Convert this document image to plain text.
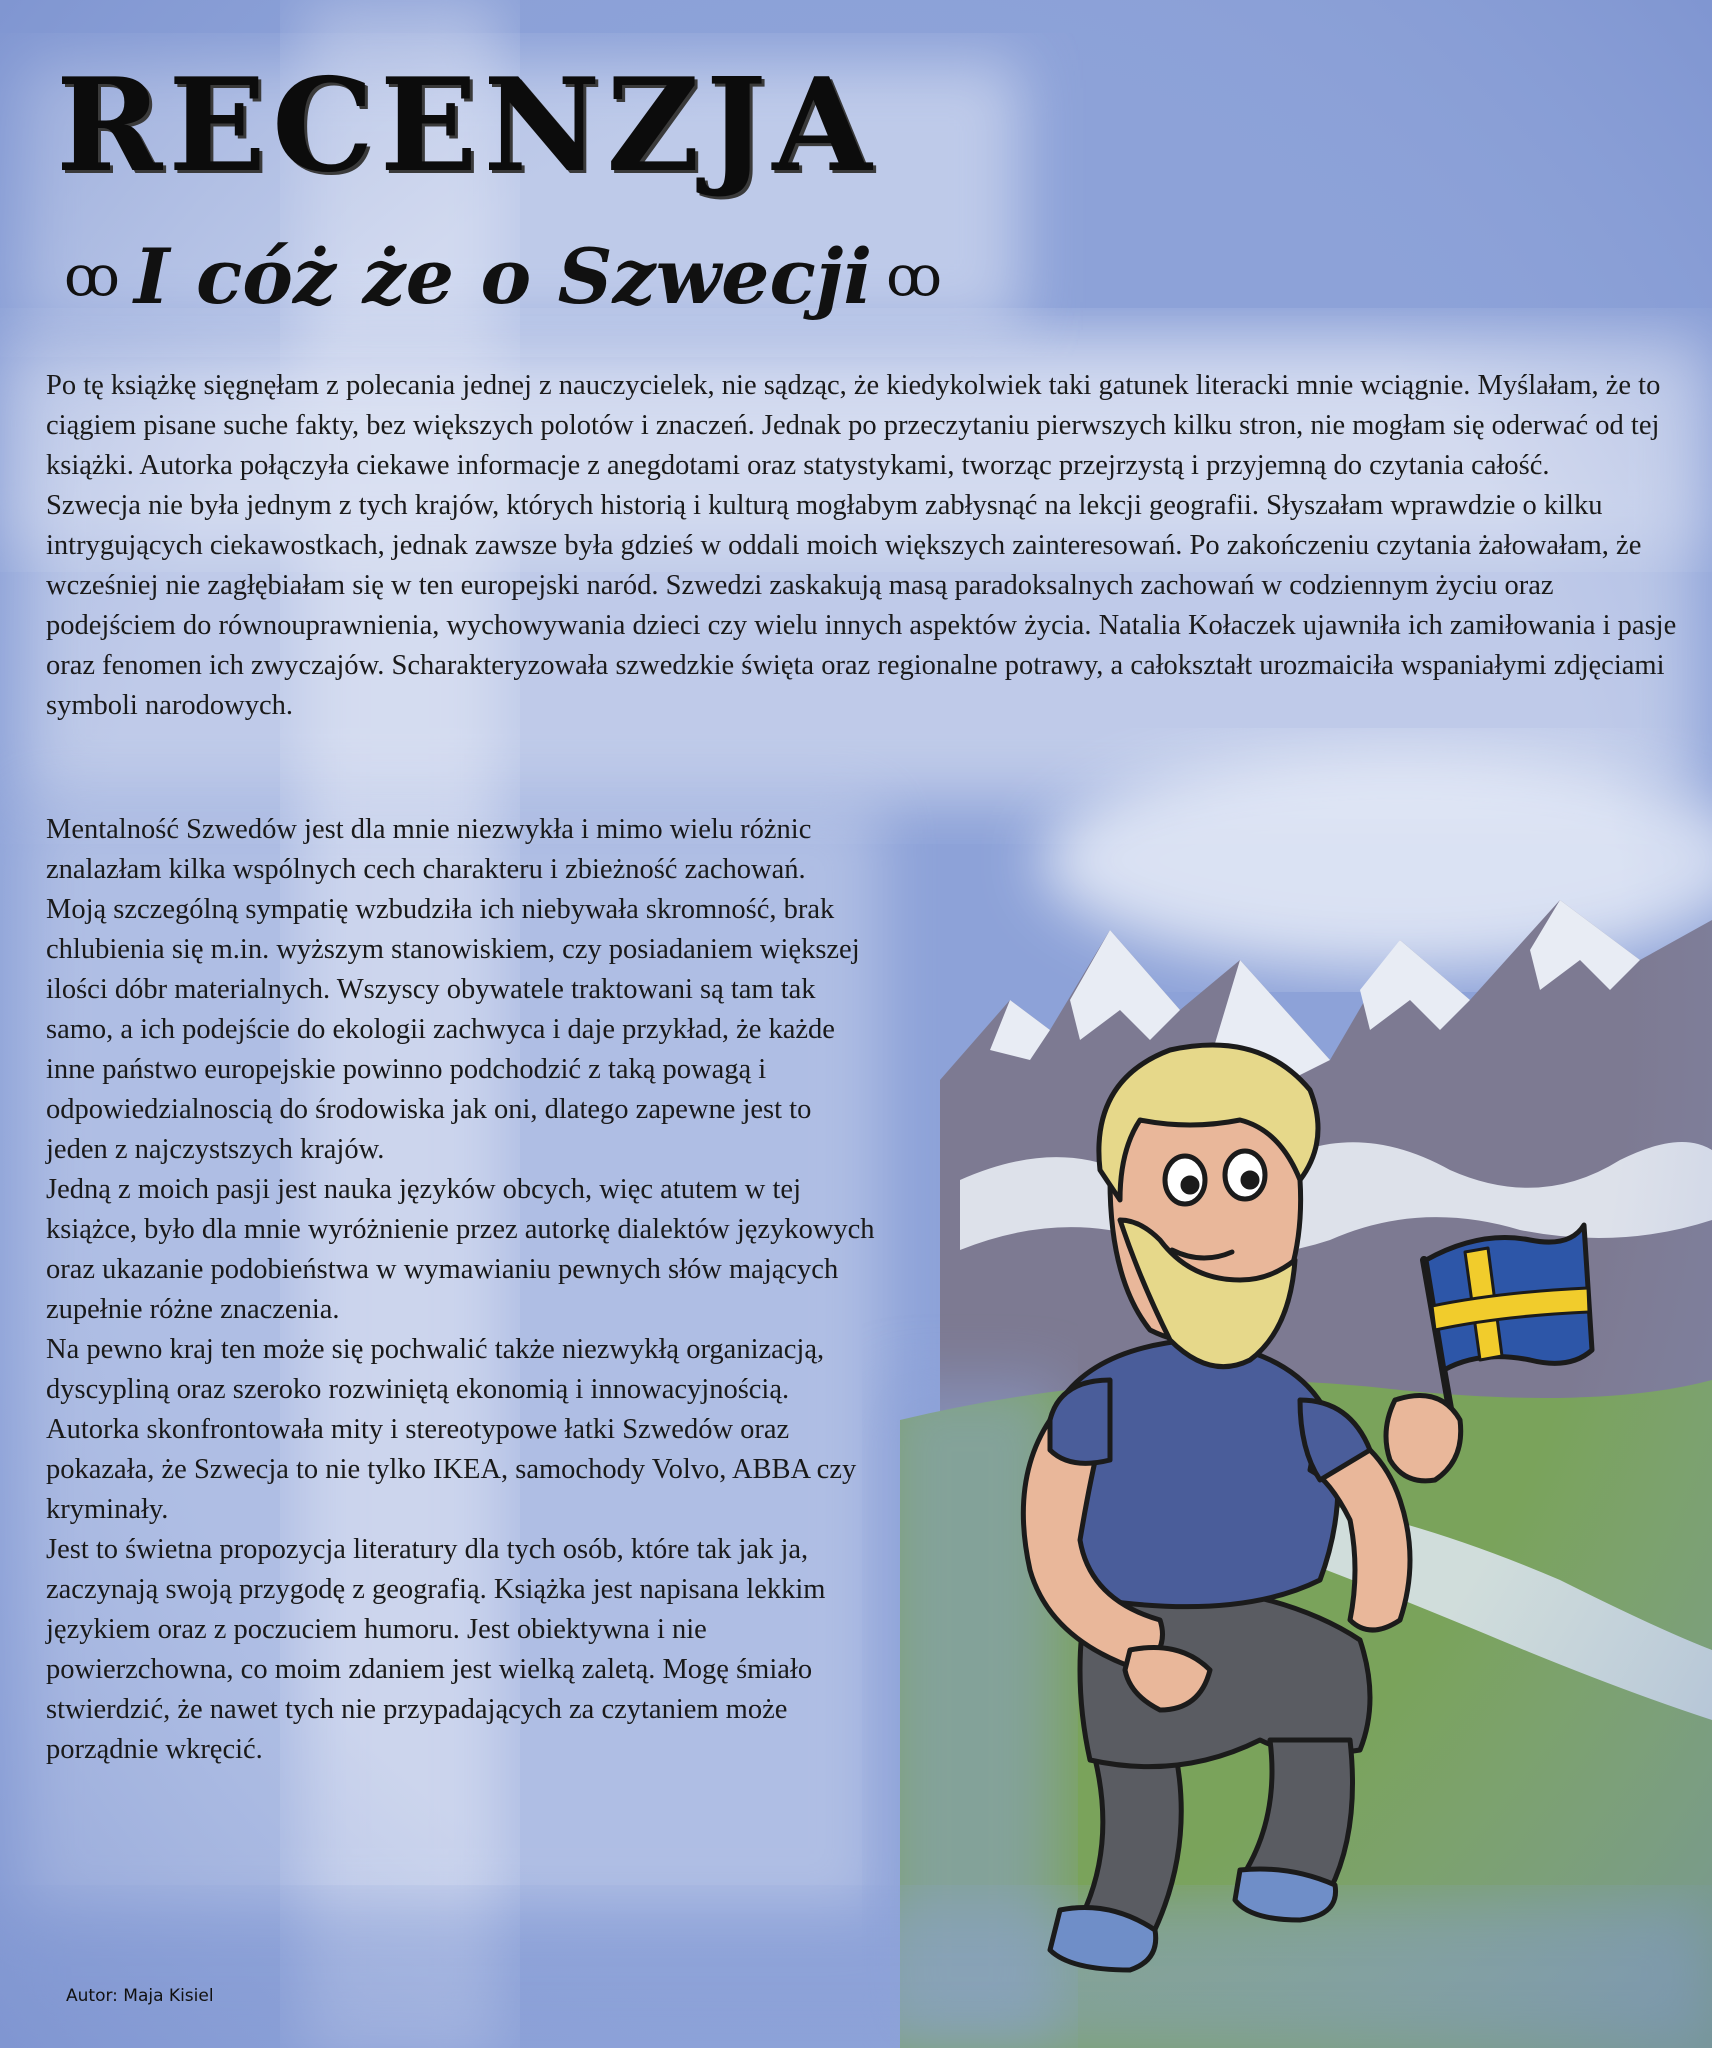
RECENZJA
ꝏ I cóż że o Szwecji ꝏ

Po tę książkę sięgnęłam z polecania jednej z nauczycielek, nie sądząc, że kiedykolwiek taki gatunek literacki mnie wciągnie. Myślałam, że to ciągiem pisane suche fakty, bez większych polotów i znaczeń. Jednak po przeczytaniu pierwszych kilku stron, nie mogłam się oderwać od tej książki. Autorka połączyła ciekawe informacje z anegdotami oraz statystykami, tworząc przejrzystą i przyjemną do czytania całość.

Szwecja nie była jednym z tych krajów, których historią i kulturą mogłabym zabłysnąć na lekcji geografii. Słyszałam wprawdzie o kilku intrygujących ciekawostkach, jednak zawsze była gdzieś w oddali moich większych zainteresowań. Po zakończeniu czytania żałowałam, że wcześniej nie zagłębiałam się w ten europejski naród. Szwedzi zaskakują masą paradoksalnych zachowań w codziennym życiu oraz podejściem do równouprawnienia, wychowywania dzieci czy wielu innych aspektów życia. Natalia Kołaczek ujawniła ich zamiłowania i pasje oraz fenomen ich zwyczajów. Scharakteryzowała szwedzkie święta oraz regionalne potrawy, a całokształt urozmaiciła wspaniałymi zdjęciami symboli narodowych.

Mentalność Szwedów jest dla mnie niezwykła i mimo wielu różnic znalazłam kilka wspólnych cech charakteru i zbieżność zachowań.

Moją szczególną sympatię wzbudziła ich niebywała skromność, brak chlubienia się m.in. wyższym stanowiskiem, czy posiadaniem większej ilości dóbr materialnych. Wszyscy obywatele traktowani są tam tak samo, a ich podejście do ekologii zachwyca i daje przykład, że każde inne państwo europejskie powinno podchodzić z taką powagą i odpowiedzialnoscią do środowiska jak oni, dlatego zapewne jest to jeden z najczystszych krajów.

Jedną z moich pasji jest nauka języków obcych, więc atutem w tej książce, było dla mnie wyróżnienie przez autorkę dialektów językowych oraz ukazanie podobieństwa w wymawianiu pewnych słów mających zupełnie różne znaczenia.

Na pewno kraj ten może się pochwalić także niezwykłą organizacją, dyscypliną oraz szeroko rozwiniętą ekonomią i innowacyjnością. Autorka skonfrontowała mity i stereotypowe łatki Szwedów oraz pokazała, że Szwecja to nie tylko IKEA, samochody Volvo, ABBA czy kryminały.

Jest to świetna propozycja literatury dla tych osób, które tak jak ja, zaczynają swoją przygodę z geografią. Książka jest napisana lekkim językiem oraz z poczuciem humoru. Jest obiektywna i nie powierzchowna, co moim zdaniem jest wielką zaletą. Mogę śmiało stwierdzić, że nawet tych nie przypadających za czytaniem może porządnie wkręcić.

Autor: Maja Kisiel
